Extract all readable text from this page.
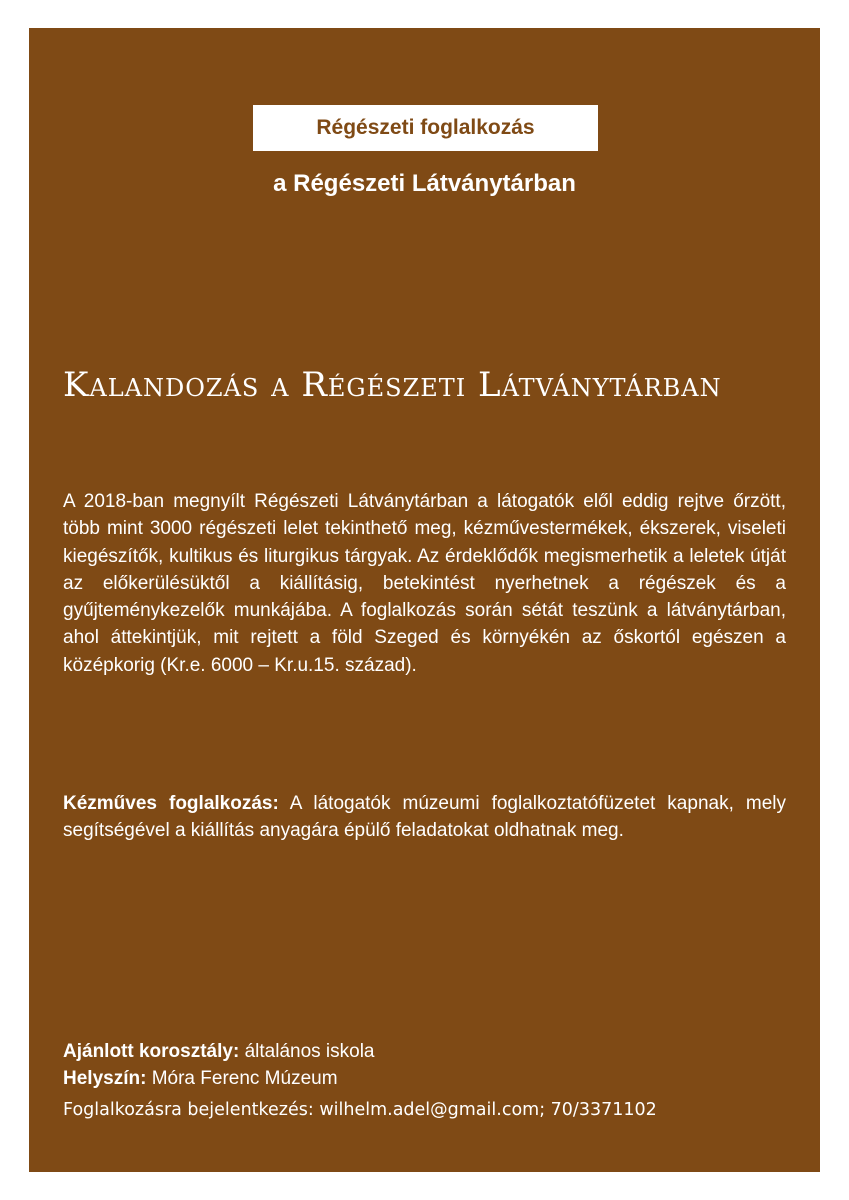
Régészeti foglalkozás
a Régészeti Látványtárban
Kalandozás a Régészeti Látványtárban
A 2018-ban megnyílt Régészeti Látványtárban a látogatók elől eddig rejtve őrzött, több mint 3000 régészeti lelet tekinthető meg, kézművestermékek, ékszerek, viseleti kiegészítők, kultikus és liturgikus tárgyak. Az érdeklődők megismerhetik a leletek útját az előkerülésüktől a kiállításig, betekintést nyerhetnek a régészek és a gyűjteménykezelők munkájába. A foglalkozás során sétát teszünk a látványtárban, ahol áttekintjük, mit rejtett a föld Szeged és környékén az őskortól egészen a középkorig (Kr.e. 6000 – Kr.u.15. század).
Kézműves foglalkozás: A látogatók múzeumi foglalkoztatófüzetet kapnak, mely segítségével a kiállítás anyagára épülő feladatokat oldhatnak meg.
Ajánlott korosztály: általános iskola
Helyszín: Móra Ferenc Múzeum
Foglalkozásra bejelentkezés: wilhelm.adel@gmail.com; 70/3371102
